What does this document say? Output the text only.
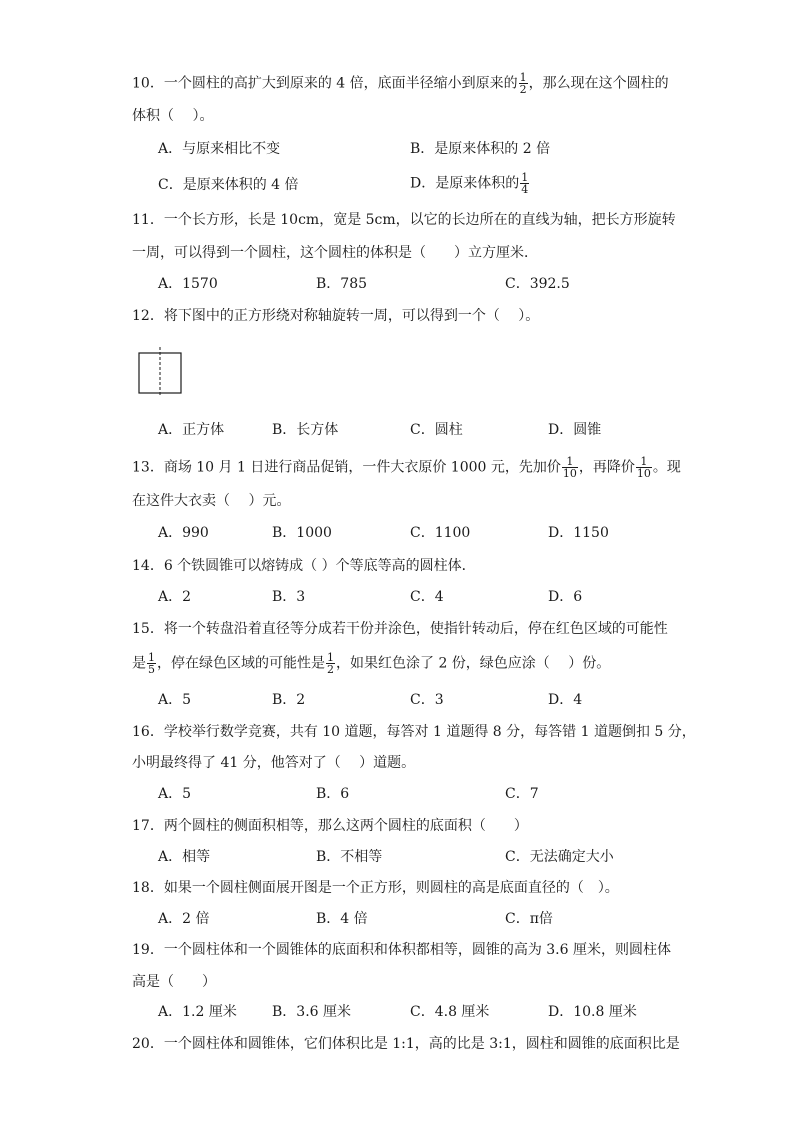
10．一个圆柱的高扩大到原来的 4 倍，底面半径缩小到原来的 $\frac{1}{2}$ ，那么现在这个圆柱的
体积（　 ）。
A．与原来相比不变	B．是原来体积的 2 倍
C．是原来体积的 4 倍	D．是原来体积的 $\frac{1}{4}$
11．一个长方形，长是 10cm，宽是 5cm，以它的长边所在的直线为轴，把长方形旋转
一周，可以得到一个圆柱，这个圆柱的体积是（　　）立方厘米．
A．1570	B．785	C．392.5
12．将下图中的正方形绕对称轴旋转一周，可以得到一个（　 ）。
A．正方体	B．长方体	C．圆柱	D．圆锥
13．商场 10 月 1 日进行商品促销，一件大衣原价 1000 元，先加价 $\frac{1}{10}$ ，再降价 $\frac{1}{10}$ 。现
在这件大衣卖（　 ）元。
A．990	B．1000	C．1100	D．1150
14．6 个铁圆锥可以熔铸成（ ）个等底等高的圆柱体．
A．2	B．3	C．4	D．6
15．将一个转盘沿着直径等分成若干份并涂色，使指针转动后，停在红色区域的可能性
是 $\frac{1}{5}$ ，停在绿色区域的可能性是 $\frac{1}{2}$ ，如果红色涂了 2 份，绿色应涂（　 ）份。
A．5	B．2	C．3	D．4
16．学校举行数学竞赛，共有 10 道题，每答对 1 道题得 8 分，每答错 1 道题倒扣 5 分，
小明最终得了 41 分，他答对了（　 ）道题。
A．5	B．6	C．7
17．两个圆柱的侧面积相等，那么这两个圆柱的底面积（　　）
A．相等	B．不相等	C．无法确定大小
18．如果一个圆柱侧面展开图是一个正方形，则圆柱的高是底面直径的（　）。
A．2 倍	B．4 倍	C．π倍
19．一个圆柱体和一个圆锥体的底面积和体积都相等，圆锥的高为 3.6 厘米，则圆柱体
高是（　　）
A．1.2 厘米	B．3.6 厘米	C．4.8 厘米	D．10.8 厘米
20．一个圆柱体和圆锥体，它们体积比是 1:1，高的比是 3:1，圆柱和圆锥的底面积比是
